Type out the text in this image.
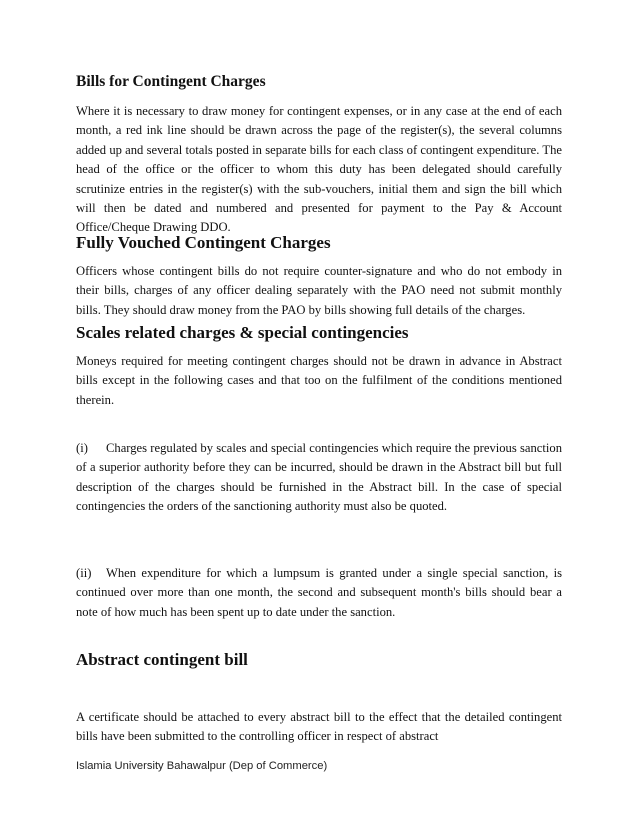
Bills for Contingent Charges

Where it is necessary to draw money for contingent expenses, or in any case at the end of each month, a red ink line should be drawn across the page of the register(s), the several columns added up and several totals posted in separate bills for each class of contingent expenditure. The head of the office or the officer to whom this duty has been delegated should carefully scrutinize entries in the register(s) with the sub-vouchers, initial them and sign the bill which will then be dated and numbered and presented for payment to the Pay & Account Office/Cheque Drawing DDO.

Fully Vouched Contingent Charges

Officers whose contingent bills do not require counter-signature and who do not embody in their bills, charges of any officer dealing separately with the PAO need not submit monthly bills. They should draw money from the PAO by bills showing full details of the charges.

Scales related charges & special contingencies

Moneys required for meeting contingent charges should not be drawn in advance in Abstract bills except in the following cases and that too on the fulfilment of the conditions mentioned therein.

(i) Charges regulated by scales and special contingencies which require the previous sanction of a superior authority before they can be incurred, should be drawn in the Abstract bill but full description of the charges should be furnished in the Abstract bill. In the case of special contingencies the orders of the sanctioning authority must also be quoted.

(ii) When expenditure for which a lumpsum is granted under a single special sanction, is continued over more than one month, the second and subsequent month's bills should bear a note of how much has been spent up to date under the sanction.

Abstract contingent bill

A certificate should be attached to every abstract bill to the effect that the detailed contingent bills have been submitted to the controlling officer in respect of abstract

Islamia University Bahawalpur (Dep of Commerce)
